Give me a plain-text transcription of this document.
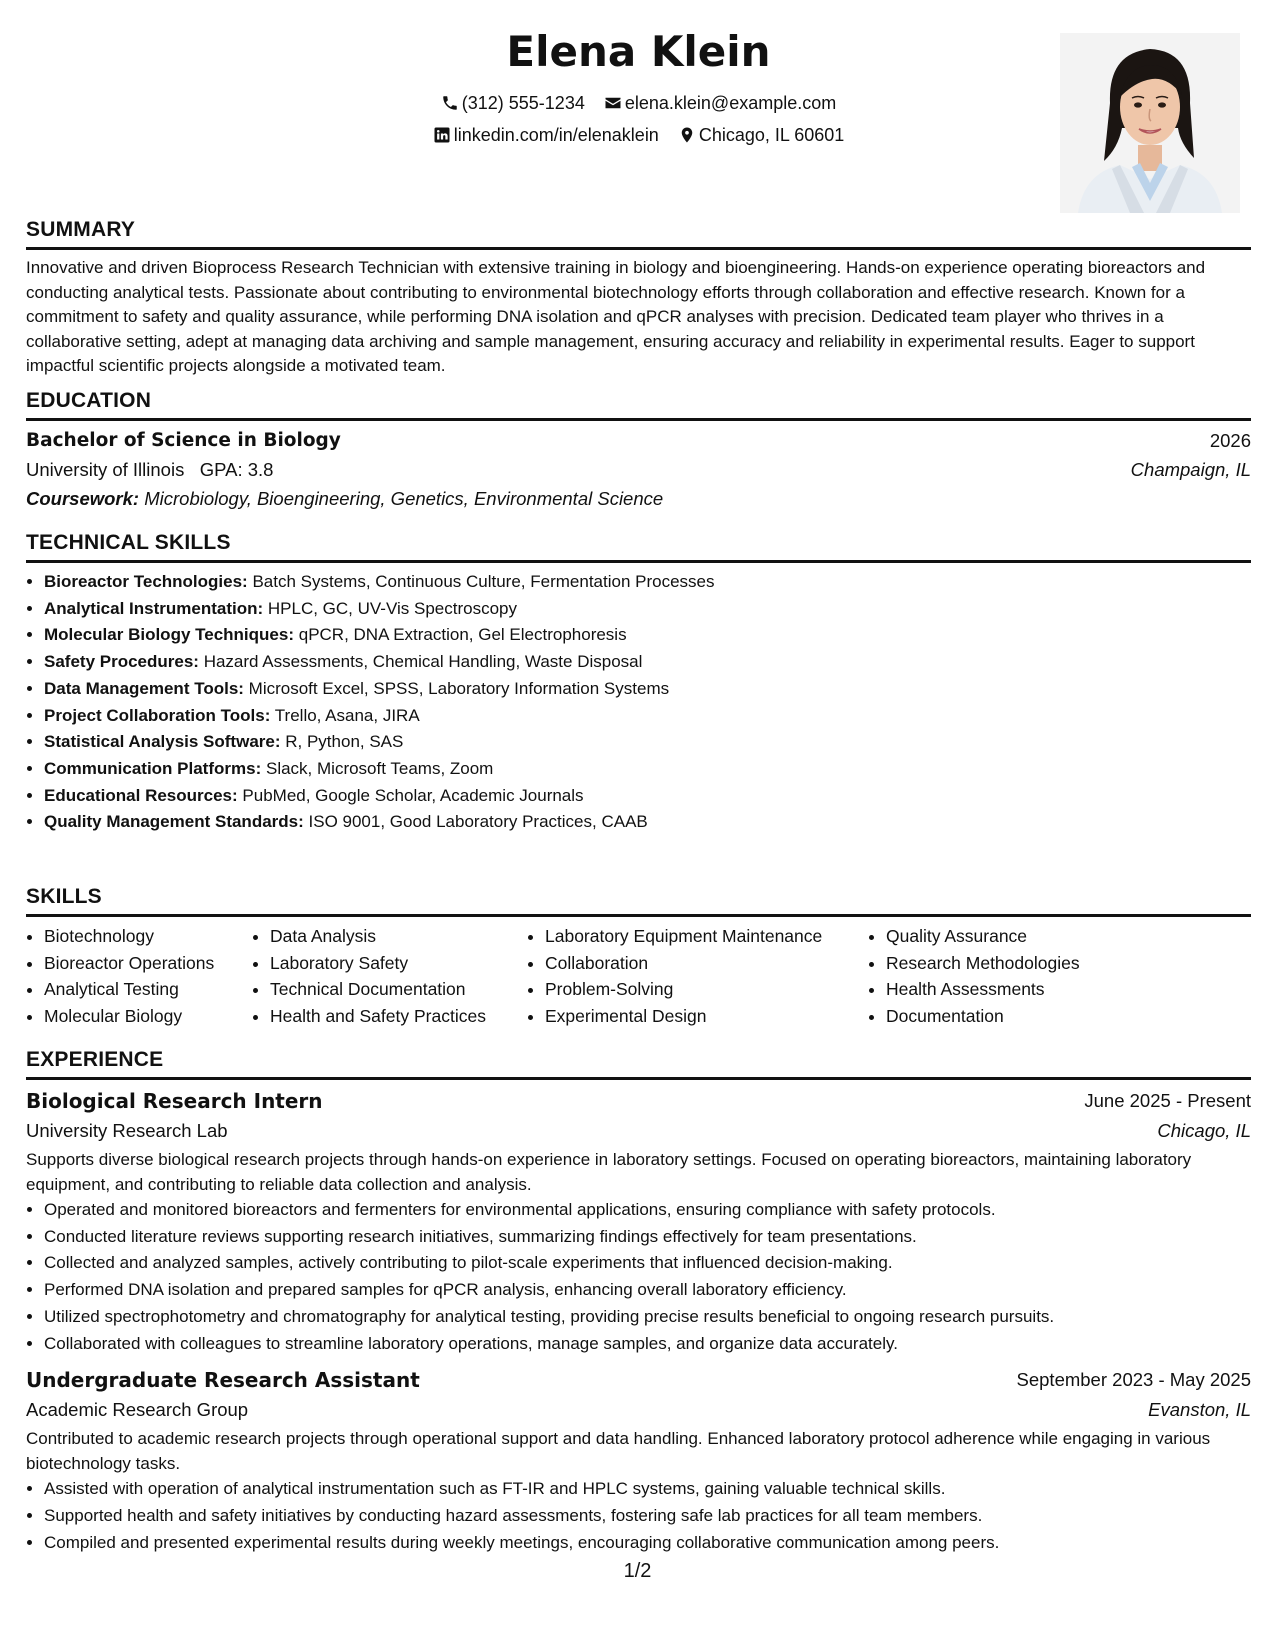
Elena Klein
(312) 555-1234 elena.klein@example.com
linkedin.com/in/elenaklein Chicago, IL 60601
SUMMARY

Innovative and driven Bioprocess Research Technician with extensive training in biology and bioengineering. Hands-on experience operating bioreactors and conducting analytical tests. Passionate about contributing to environmental biotechnology efforts through collaboration and effective research. Known for a commitment to safety and quality assurance, while performing DNA isolation and qPCR analyses with precision. Dedicated team player who thrives in a collaborative setting, adept at managing data archiving and sample management, ensuring accuracy and reliability in experimental results. Eager to support impactful scientific projects alongside a motivated team.

EDUCATION
Bachelor of Science in Biology	2026
University of Illinois GPA: 3.8	Champaign, IL
Coursework: Microbiology, Bioengineering, Genetics, Environmental Science
TECHNICAL SKILLS
• Bioreactor Technologies: Batch Systems, Continuous Culture, Fermentation Processes
• Analytical Instrumentation: HPLC, GC, UV-Vis Spectroscopy
• Molecular Biology Techniques: qPCR, DNA Extraction, Gel Electrophoresis
• Safety Procedures: Hazard Assessments, Chemical Handling, Waste Disposal
• Data Management Tools: Microsoft Excel, SPSS, Laboratory Information Systems
• Project Collaboration Tools: Trello, Asana, JIRA
• Statistical Analysis Software: R, Python, SAS
• Communication Platforms: Slack, Microsoft Teams, Zoom
• Educational Resources: PubMed, Google Scholar, Academic Journals
• Quality Management Standards: ISO 9001, Good Laboratory Practices, CAAB
SKILLS
• Biotechnology
• Bioreactor Operations
• Analytical Testing
• Molecular Biology
• Data Analysis
• Laboratory Safety
• Technical Documentation
• Health and Safety Practices
• Laboratory Equipment Maintenance
• Collaboration
• Problem-Solving
• Experimental Design
• Quality Assurance
• Research Methodologies
• Health Assessments
• Documentation
EXPERIENCE
Biological Research Intern	June 2025 - Present
University Research Lab	Chicago, IL

Supports diverse biological research projects through hands-on experience in laboratory settings. Focused on operating bioreactors, maintaining laboratory equipment, and contributing to reliable data collection and analysis.

• Operated and monitored bioreactors and fermenters for environmental applications, ensuring compliance with safety protocols.
• Conducted literature reviews supporting research initiatives, summarizing findings effectively for team presentations.
• Collected and analyzed samples, actively contributing to pilot-scale experiments that influenced decision-making.
• Performed DNA isolation and prepared samples for qPCR analysis, enhancing overall laboratory efficiency.
• Utilized spectrophotometry and chromatography for analytical testing, providing precise results beneficial to ongoing research pursuits.
• Collaborated with colleagues to streamline laboratory operations, manage samples, and organize data accurately.
Undergraduate Research Assistant	September 2023 - May 2025
Academic Research Group	Evanston, IL

Contributed to academic research projects through operational support and data handling. Enhanced laboratory protocol adherence while engaging in various biotechnology tasks.

• Assisted with operation of analytical instrumentation such as FT-IR and HPLC systems, gaining valuable technical skills.
• Supported health and safety initiatives by conducting hazard assessments, fostering safe lab practices for all team members.
• Compiled and presented experimental results during weekly meetings, encouraging collaborative communication among peers.
1/2
